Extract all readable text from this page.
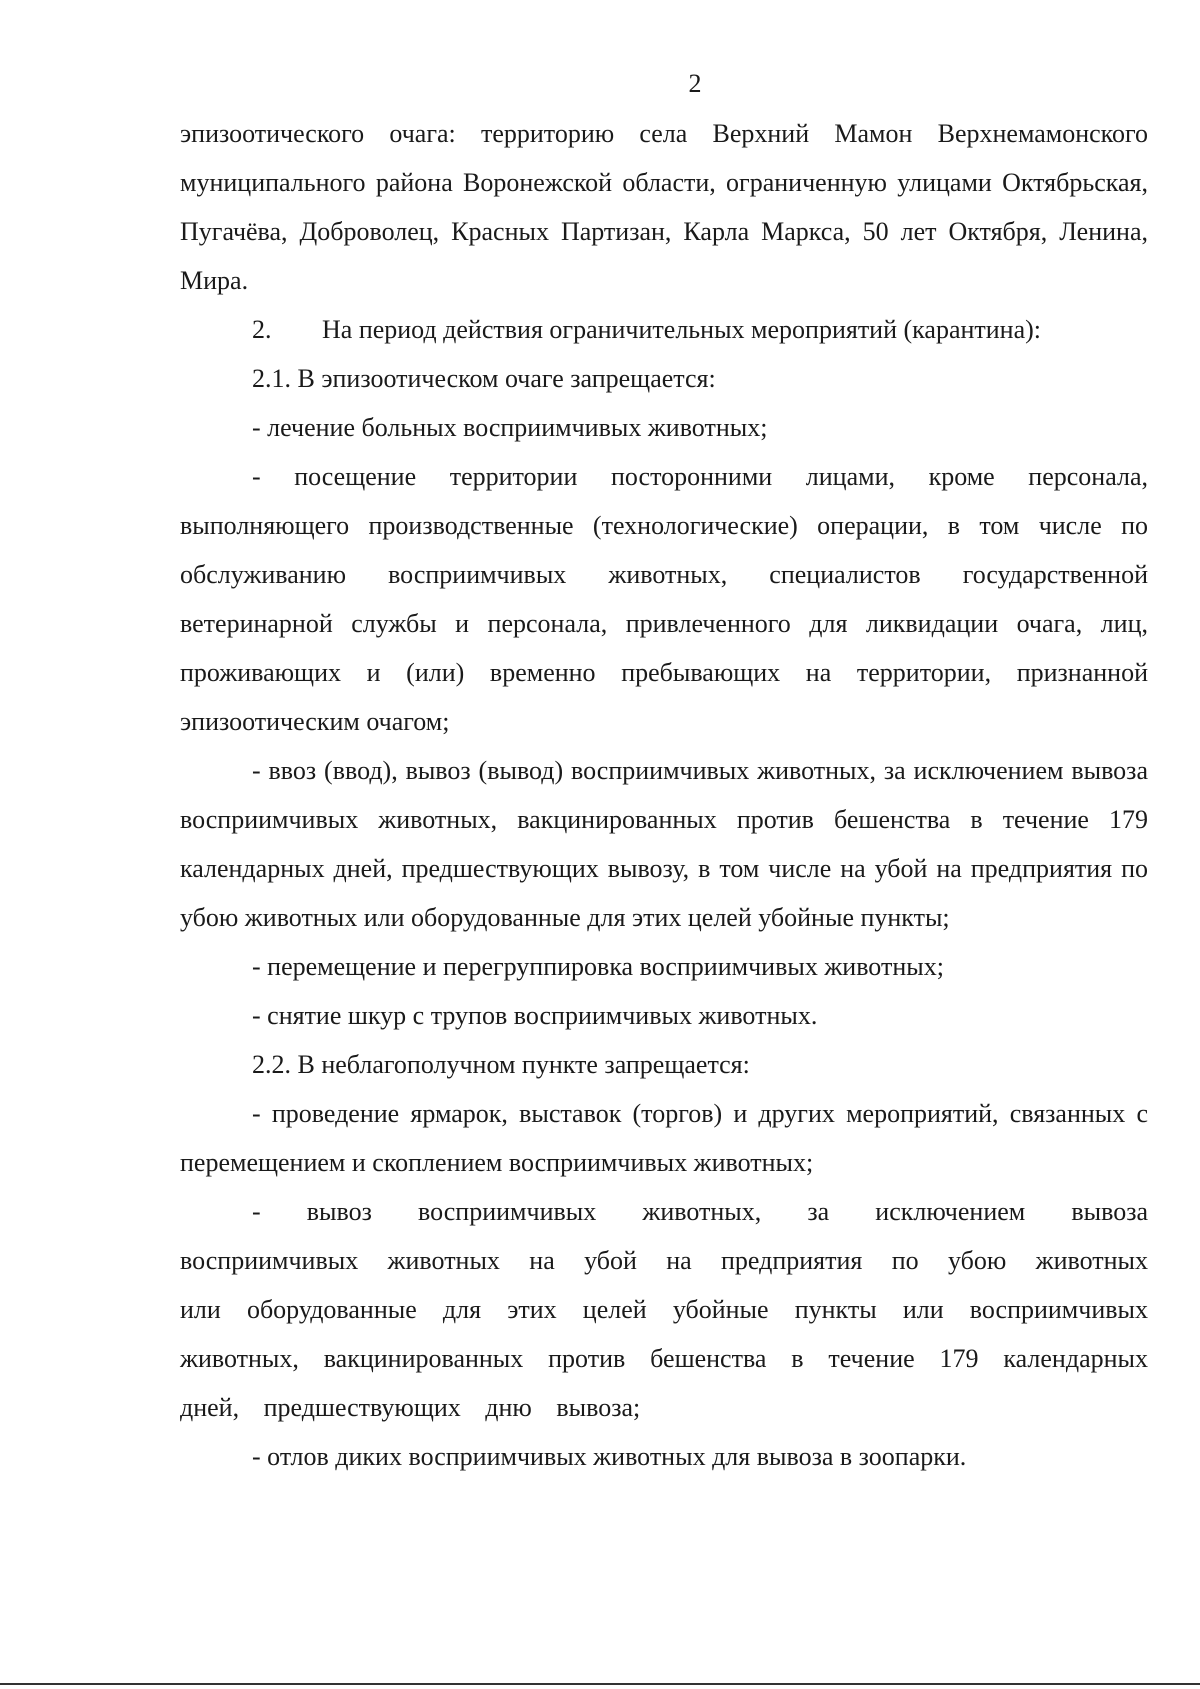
2

эпизоотического очага: территорию села Верхний Мамон Верхнемамонского муниципального района Воронежской области, ограниченную улицами Октябрьская, Пугачёва, Доброволец, Красных Партизан, Карла Маркса, 50 лет Октября, Ленина, Мира.

2.	На период действия ограничительных мероприятий (карантина):

2.1. В эпизоотическом очаге запрещается:

- лечение больных восприимчивых животных;

- посещение территории посторонними лицами, кроме персонала, выполняющего производственные (технологические) операции, в том числе по обслуживанию восприимчивых животных, специалистов государственной ветеринарной службы и персонала, привлеченного для ликвидации очага, лиц, проживающих и (или) временно пребывающих на территории, признанной эпизоотическим очагом;

- ввоз (ввод), вывоз (вывод) восприимчивых животных, за исключением вывоза восприимчивых животных, вакцинированных против бешенства в течение 179 календарных дней, предшествующих вывозу, в том числе на убой на предприятия по убою животных или оборудованные для этих целей убойные пункты;

- перемещение и перегруппировка восприимчивых животных;

- снятие шкур с трупов восприимчивых животных.

2.2. В неблагополучном пункте запрещается:

- проведение ярмарок, выставок (торгов) и других мероприятий, связанных с перемещением и скоплением восприимчивых животных;

- вывоз восприимчивых животных, за исключением вывоза восприимчивых животных на убой на предприятия по убою животных или оборудованные для этих целей убойные пункты или восприимчивых животных, вакцинированных против бешенства в течение 179 календарных дней, предшествующих дню вывоза;

- отлов диких восприимчивых животных для вывоза в зоопарки.
